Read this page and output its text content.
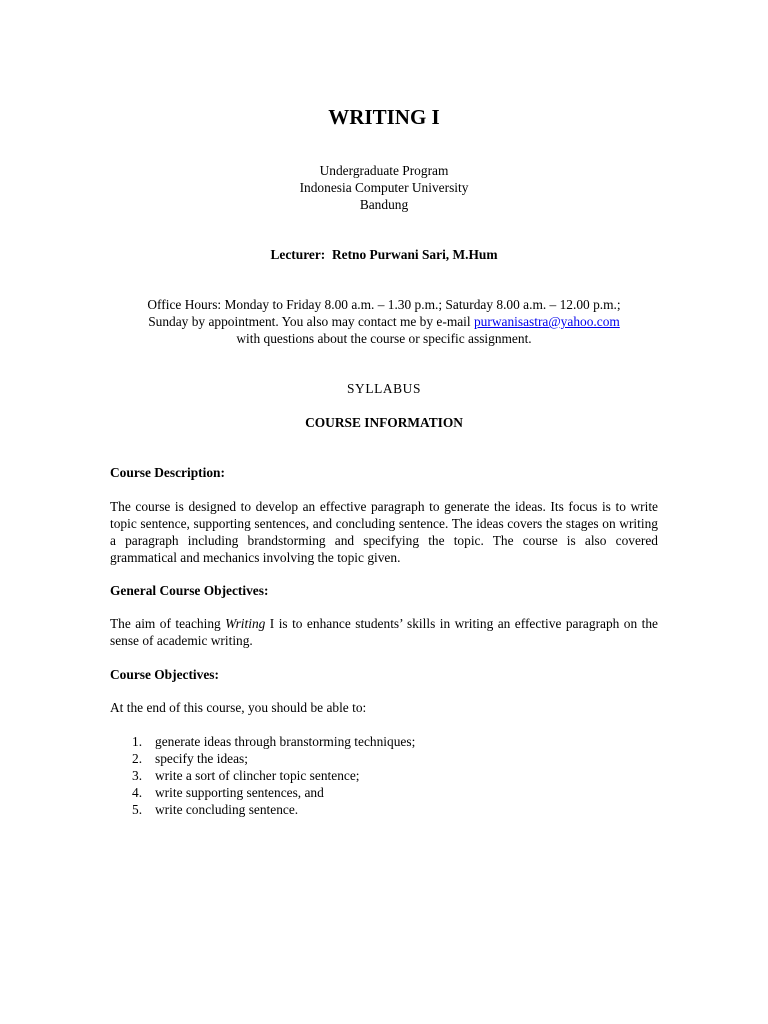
WRITING I
Undergraduate Program
Indonesia Computer University
Bandung
Lecturer: Retno Purwani Sari, M.Hum
Office Hours: Monday to Friday 8.00 a.m. – 1.30 p.m.; Saturday 8.00 a.m. – 12.00 p.m.;
Sunday by appointment. You also may contact me by e-mail purwanisastra@yahoo.com
with questions about the course or specific assignment.
SYLLABUS
COURSE INFORMATION
Course Description:
The course is designed to develop an effective paragraph to generate the ideas. Its focus is to write topic sentence, supporting sentences, and concluding sentence. The ideas covers the stages on writing a paragraph including brandstorming and specifying the topic. The course is also covered grammatical and mechanics involving the topic given.
General Course Objectives:
The aim of teaching Writing I is to enhance students’ skills in writing an effective paragraph on the sense of academic writing.
Course Objectives:
At the end of this course, you should be able to:
1. generate ideas through branstorming techniques;
2. specify the ideas;
3. write a sort of clincher topic sentence;
4. write supporting sentences, and
5. write concluding sentence.
